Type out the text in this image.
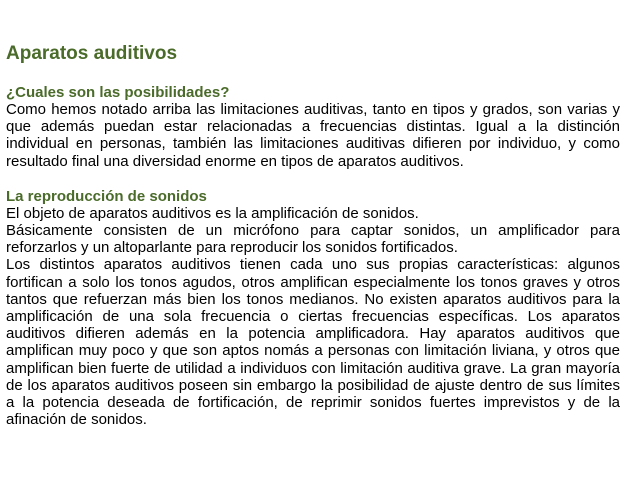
Aparatos auditivos
¿Cuales son las posibilidades?

Como hemos notado arriba las limitaciones auditivas, tanto en tipos y grados, son varias y que además puedan estar relacionadas a frecuencias distintas. Igual a la distinción individual en personas, también las limitaciones auditivas difieren por individuo, y como resultado final una diversidad enorme en tipos de aparatos auditivos.

La reproducción de sonidos

El objeto de aparatos auditivos es la amplificación de sonidos.

Básicamente consisten de un micrófono para captar sonidos, un amplificador para reforzarlos y un altoparlante para reproducir los sonidos fortificados.

Los distintos aparatos auditivos tienen cada uno sus propias características: algunos fortifican a solo los tonos agudos, otros amplifican especialmente los tonos graves y otros tantos que refuerzan más bien los tonos medianos. No existen aparatos auditivos para la amplificación de una sola frecuencia o ciertas frecuencias específicas. Los aparatos auditivos difieren además en la potencia amplificadora. Hay aparatos auditivos que amplifican muy poco y que son aptos nomás a personas con limitación liviana, y otros que amplifican bien fuerte de utilidad a individuos con limitación auditiva grave. La gran mayoría de los aparatos auditivos poseen sin embargo la posibilidad de ajuste dentro de sus límites a la potencia deseada de fortificación, de reprimir sonidos fuertes imprevistos y de la afinación de sonidos.
